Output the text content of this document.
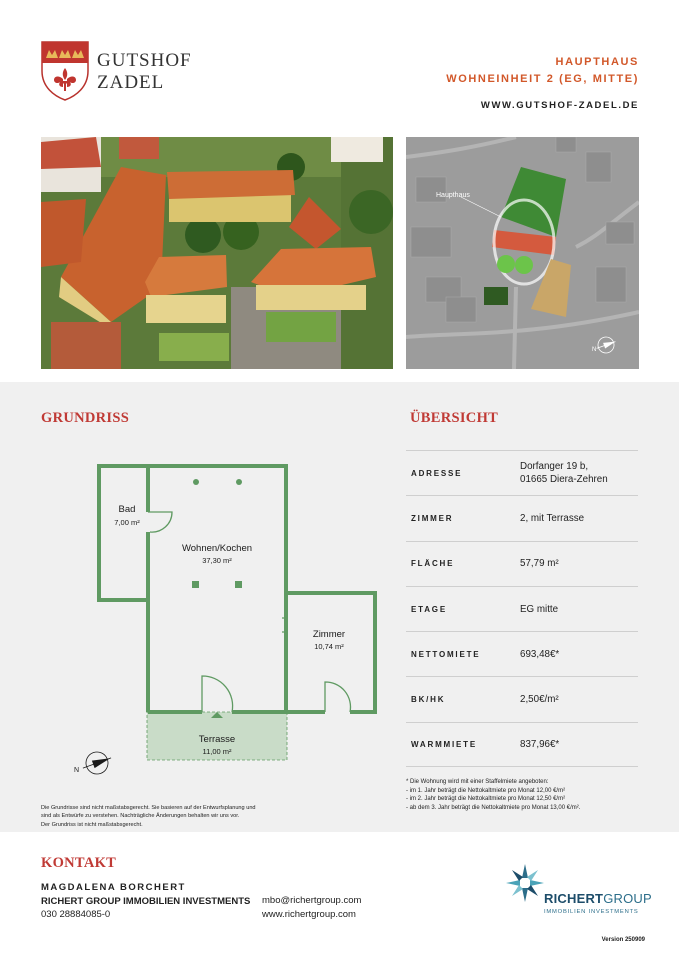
GUTSHOF
ZADEL
HAUPTHAUS
WOHNEINHEIT 2 (EG, MITTE)
WWW.GUTSHOF-ZADEL.DE
Haupthaus
N
GRUNDRISS	ÜBERSICHT
Bad
7,00 m²
Wohnen/Kochen
37,30 m²
Zimmer
10,74 m²
Terrasse
11,00 m²
N
Die Grundrisse sind nicht maßstabsgerecht. Sie basieren auf der Entwurfsplanung und
sind als Entwürfe zu verstehen. Nachträgliche Änderungen behalten wir uns vor.
Der Grundriss ist nicht maßstabsgerecht.
ADRESSE
Dorfanger 19 b,
01665 Diera-Zehren
ZIMMER	2, mit Terrasse
FLÄCHE	57,79 m²
ETAGE	EG mitte
NETTOMIETE	693,48€*
BK/HK	2,50€/m²
WARMMIETE	837,96€*
* Die Wohnung wird mit einer Staffelmiete angeboten:
- im 1. Jahr beträgt die Nettokaltmiete pro Monat 12,00 €/m²
- im 2. Jahr beträgt die Nettokaltmiete pro Monat 12,50 €/m²
- ab dem 3. Jahr beträgt die Nettokaltmiete pro Monat 13,00 €/m².
KONTAKT
MAGDALENA BORCHERT
RICHERT GROUP IMMOBILIEN INVESTMENTS
030 28884085-0
mbo@richertgroup.com
www.richertgroup.com
RICHERTGROUP
IMMOBILIEN INVESTMENTS
Version 250909
